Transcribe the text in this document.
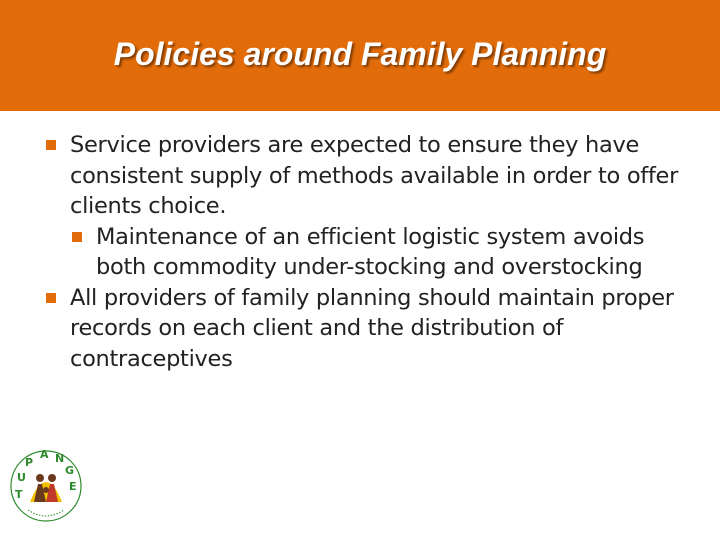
Policies around Family Planning
Service providers are expected to ensure they have consistent supply of methods available in order to offer clients choice.
Maintenance of an efficient logistic system avoids both commodity under-stocking and overstocking
All providers of family planning should maintain proper records on each client and the distribution of contraceptives
T
U
P
A N
G
E
